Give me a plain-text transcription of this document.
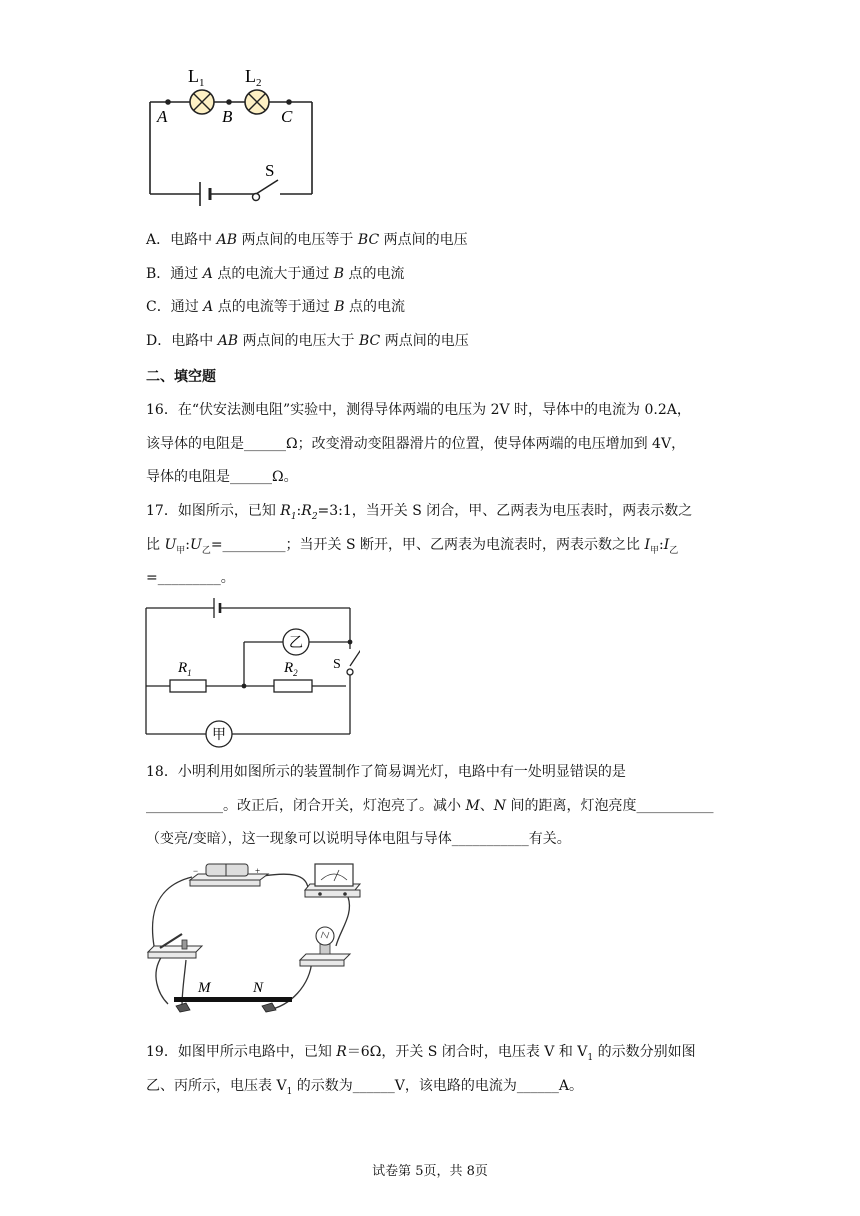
$L_1$ $L_2$
A	B	C
S
A．电路中 AB 两点间的电压等于 BC 两点间的电压
B．通过 A 点的电流大于通过 B 点的电流
C．通过 A 点的电流等于通过 B 点的电流
D．电路中 AB 两点间的电压大于 BC 两点间的电压
二、填空题
16．在“伏安法测电阻”实验中，测得导体两端的电压为 2V 时，导体中的电流为 0.2A，
该导体的电阻是______Ω；改变滑动变阻器滑片的位置，使导体两端的电压增加到 4V，
导体的电阻是______Ω。
17．如图所示，已知 $R_1:R_2=3:1$，当开关 S 闭合，甲、乙两表为电压表时，两表示数之
比 $U_甲:U_乙=\_\_\_\_\_\_\_\_\_$；当开关 S 断开，甲、乙两表为电流表时，两表示数之比 $I_甲:I_乙$
=_________。
乙
甲
$R_1$	$R_2$
S
18．小明利用如图所示的装置制作了简易调光灯，电路中有一处明显错误的是
___________。改正后，闭合开关，灯泡亮了。减小 M、N 间的距离，灯泡亮度___________
（变亮/变暗），这一现象可以说明导体电阻与导体___________有关。
−	+
M	N
19．如图甲所示电路中，已知 R＝6Ω，开关 S 闭合时，电压表 V 和 $V_1$ 的示数分别如图
乙、丙所示，电压表 $V_1$ 的示数为______V，该电路的电流为______A。
试卷第 5页，共 8页
